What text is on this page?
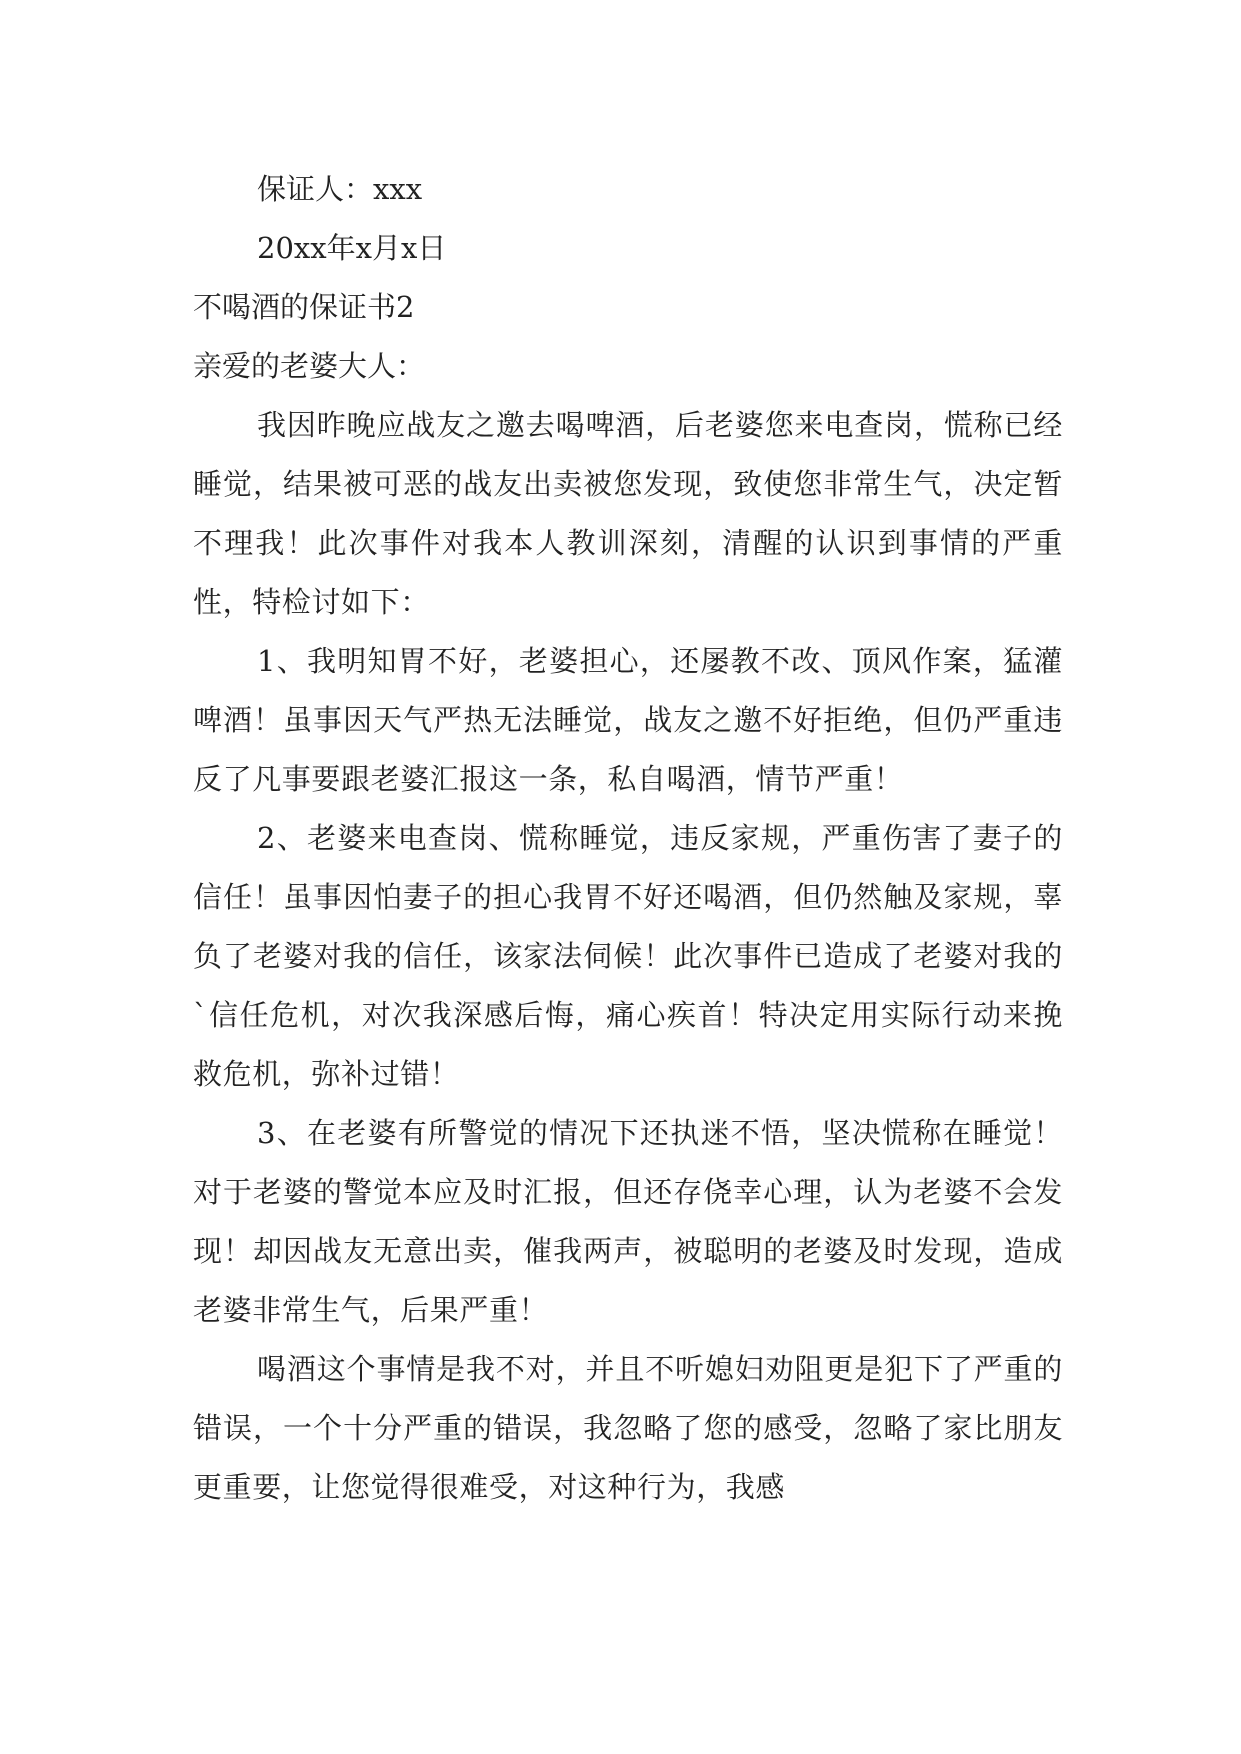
保证人：xxx

20xx年x月x日

不喝酒的保证书2

亲爱的老婆大人：

我因昨晚应战友之邀去喝啤酒，后老婆您来电查岗，慌称已经睡觉，结果被可恶的战友出卖被您发现，致使您非常生气，决定暂不理我！此次事件对我本人教训深刻，清醒的认识到事情的严重性，特检讨如下：

1、我明知胃不好，老婆担心，还屡教不改、顶风作案，猛灌啤酒！虽事因天气严热无法睡觉，战友之邀不好拒绝，但仍严重违反了凡事要跟老婆汇报这一条，私自喝酒，情节严重！

2、老婆来电查岗、慌称睡觉，违反家规，严重伤害了妻子的信任！虽事因怕妻子的担心我胃不好还喝酒，但仍然触及家规，辜负了老婆对我的信任，该家法伺候！此次事件已造成了老婆对我的`信任危机，对次我深感后悔，痛心疾首！特决定用实际行动来挽救危机，弥补过错！

3、在老婆有所警觉的情况下还执迷不悟，坚决慌称在睡觉！对于老婆的警觉本应及时汇报，但还存侥幸心理，认为老婆不会发现！却因战友无意出卖，催我两声，被聪明的老婆及时发现，造成老婆非常生气，后果严重！

喝酒这个事情是我不对，并且不听媳妇劝阻更是犯下了严重的错误，一个十分严重的错误，我忽略了您的感受，忽略了家比朋友更重要，让您觉得很难受，对这种行为，我感
